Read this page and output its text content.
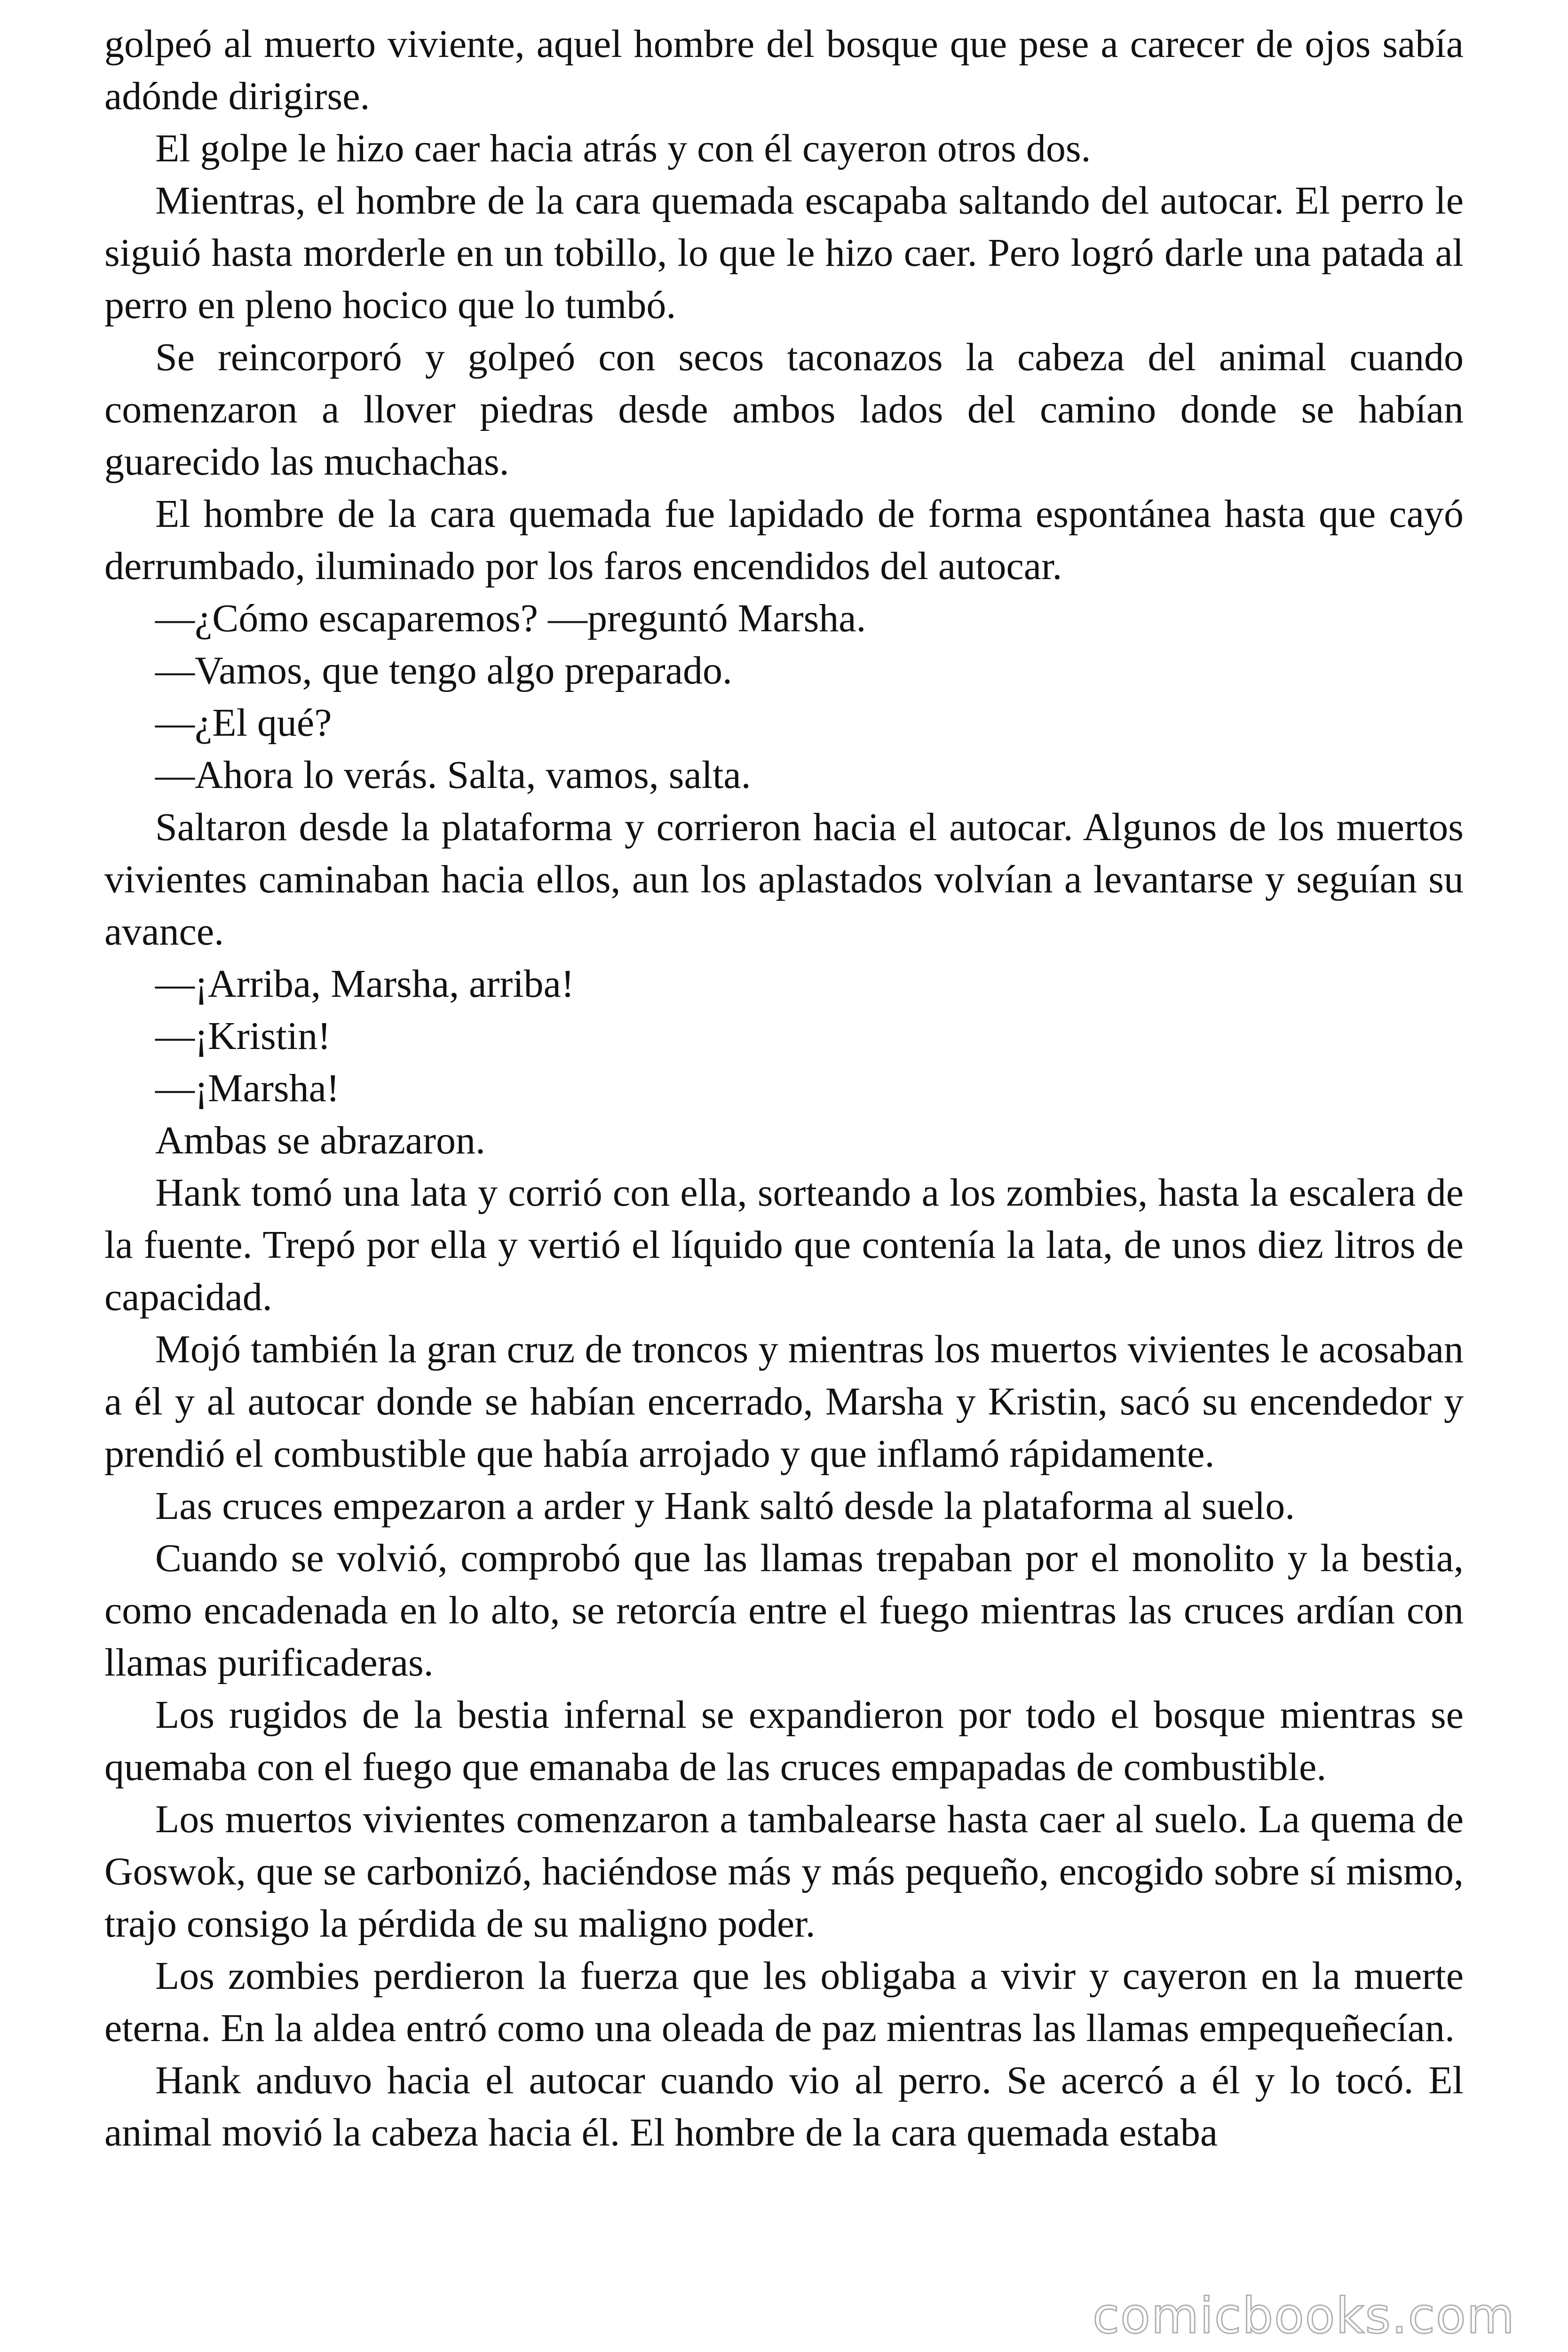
golpeó al muerto viviente, aquel hombre del bosque que pese a carecer de ojos sabía adónde dirigirse.

El golpe le hizo caer hacia atrás y con él cayeron otros dos.

Mientras, el hombre de la cara quemada escapaba saltando del autocar. El perro le siguió hasta morderle en un tobillo, lo que le hizo caer. Pero logró darle una patada al perro en pleno hocico que lo tumbó.

Se reincorporó y golpeó con secos taconazos la cabeza del animal cuando comenzaron a llover piedras desde ambos lados del camino donde se habían guarecido las muchachas.

El hombre de la cara quemada fue lapidado de forma espontánea hasta que cayó derrumbado, iluminado por los faros encendidos del autocar.

—¿Cómo escaparemos? —preguntó Marsha.

—Vamos, que tengo algo preparado.

—¿El qué?

—Ahora lo verás. Salta, vamos, salta.

Saltaron desde la plataforma y corrieron hacia el autocar. Algunos de los muertos vivientes caminaban hacia ellos, aun los aplastados volvían a levantarse y seguían su avance.

—¡Arriba, Marsha, arriba!

—¡Kristin!

—¡Marsha!

Ambas se abrazaron.

Hank tomó una lata y corrió con ella, sorteando a los zombies, hasta la escalera de la fuente. Trepó por ella y vertió el líquido que contenía la lata, de unos diez litros de capacidad.

Mojó también la gran cruz de troncos y mientras los muertos vivientes le acosaban a él y al autocar donde se habían encerrado, Marsha y Kristin, sacó su encendedor y prendió el combustible que había arrojado y que inflamó rápidamente.

Las cruces empezaron a arder y Hank saltó desde la plataforma al suelo.

Cuando se volvió, comprobó que las llamas trepaban por el monolito y la bestia, como encadenada en lo alto, se retorcía entre el fuego mientras las cruces ardían con llamas purificaderas.

Los rugidos de la bestia infernal se expandieron por todo el bosque mientras se quemaba con el fuego que emanaba de las cruces empapadas de combustible.

Los muertos vivientes comenzaron a tambalearse hasta caer al suelo. La quema de Goswok, que se carbonizó, haciéndose más y más pequeño, encogido sobre sí mismo, trajo consigo la pérdida de su maligno poder.

Los zombies perdieron la fuerza que les obligaba a vivir y cayeron en la muerte eterna. En la aldea entró como una oleada de paz mientras las llamas empequeñecían.

Hank anduvo hacia el autocar cuando vio al perro. Se acercó a él y lo tocó. El animal movió la cabeza hacia él. El hombre de la cara quemada estaba

comicbooks.com
